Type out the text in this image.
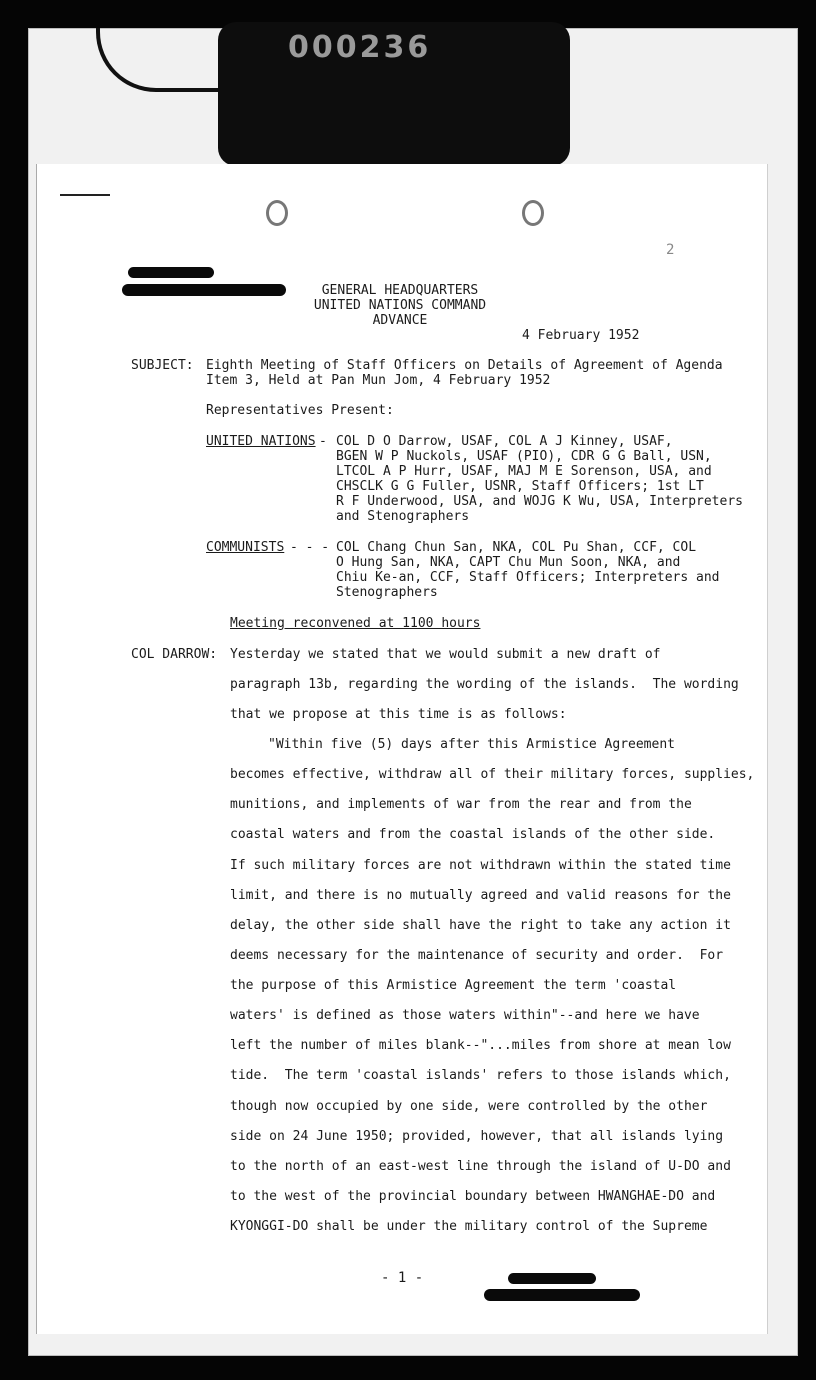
000236
2
GENERAL HEADQUARTERS
UNITED NATIONS COMMAND
ADVANCE
4 February 1952
SUBJECT: Eighth Meeting of Staff Officers on Details of Agreement of Agenda
Item 3, Held at Pan Mun Jom, 4 February 1952
Representatives Present:
UNITED NATIONS - COL D O Darrow, USAF, COL A J Kinney, USAF,
BGEN W P Nuckols, USAF (PIO), CDR G G Ball, USN,
LTCOL A P Hurr, USAF, MAJ M E Sorenson, USA, and
CHSCLK G G Fuller, USNR, Staff Officers; 1st LT
R F Underwood, USA, and WOJG K Wu, USA, Interpreters
and Stenographers
COMMUNISTS - - - COL Chang Chun San, NKA, COL Pu Shan, CCF, COL
O Hung San, NKA, CAPT Chu Mun Soon, NKA, and
Chiu Ke-an, CCF, Staff Officers; Interpreters and
Stenographers
Meeting reconvened at 1100 hours
COL DARROW: Yesterday we stated that we would submit a new draft of
paragraph 13b, regarding the wording of the islands.  The wording
that we propose at this time is as follows:
"Within five (5) days after this Armistice Agreement
becomes effective, withdraw all of their military forces, supplies,
munitions, and implements of war from the rear and from the
coastal waters and from the coastal islands of the other side.
If such military forces are not withdrawn within the stated time
limit, and there is no mutually agreed and valid reasons for the
delay, the other side shall have the right to take any action it
deems necessary for the maintenance of security and order.  For
the purpose of this Armistice Agreement the term 'coastal
waters' is defined as those waters within"--and here we have
left the number of miles blank--"...miles from shore at mean low
tide.  The term 'coastal islands' refers to those islands which,
though now occupied by one side, were controlled by the other
side on 24 June 1950; provided, however, that all islands lying
to the north of an east-west line through the island of U-DO and
to the west of the provincial boundary between HWANGHAE-DO and
KYONGGI-DO shall be under the military control of the Supreme
- 1 -
